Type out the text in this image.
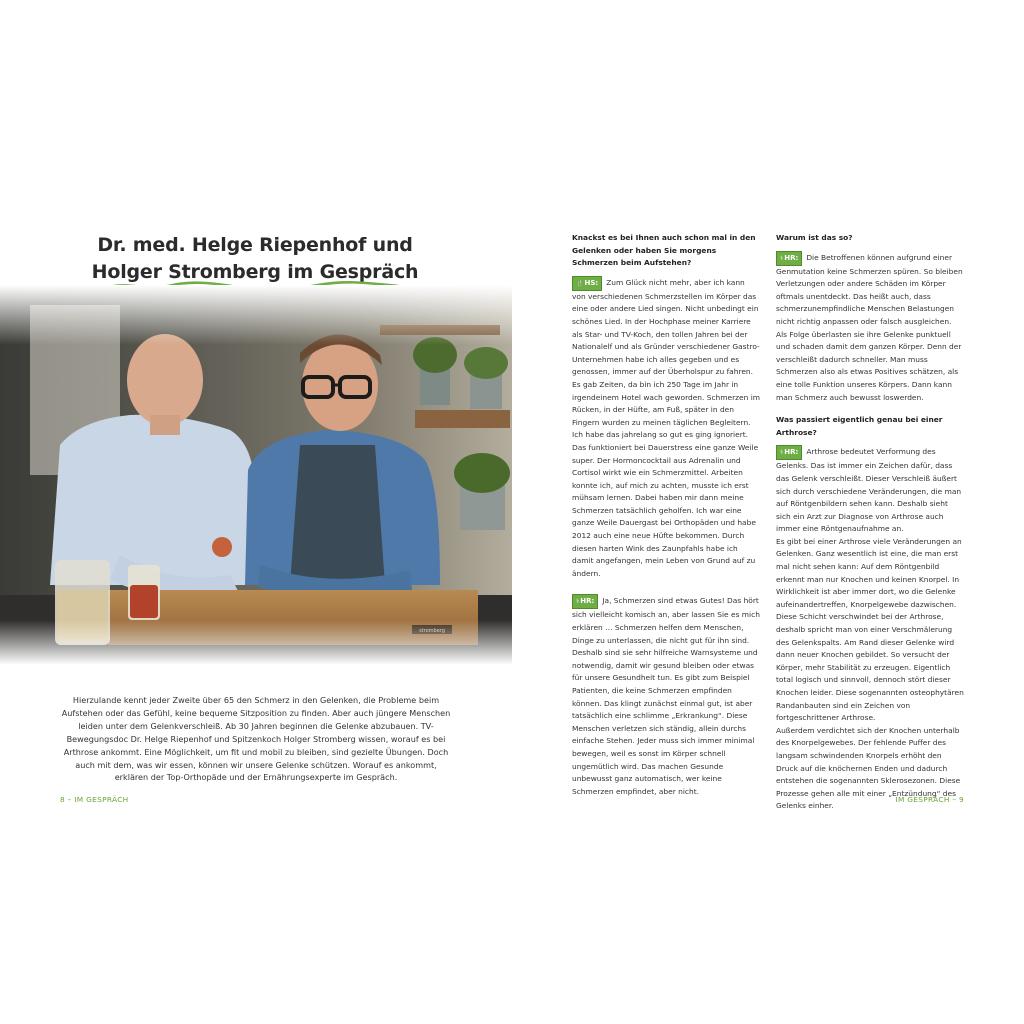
Dr. med. Helge Riepenhof und
Holger Stromberg im Gespräch
Hierzulande kennt jeder Zweite über 65 den Schmerz in den Gelenken, die Probleme beim Aufstehen oder das Gefühl, keine bequeme Sitzposition zu finden. Aber auch jüngere Menschen leiden unter dem Gelenkverschleiß. Ab 30 Jahren beginnen die Gelenke abzubauen. TV-Bewegungsdoc Dr. Helge Riepenhof und Spitzenkoch Holger Stromberg wissen, worauf es bei Arthrose ankommt. Eine Möglichkeit, um fit und mobil zu bleiben, sind gezielte Übungen. Doch auch mit dem, was wir essen, können wir unsere Gelenke schützen. Worauf es ankommt, erklären der Top-Orthopäde und der Ernährungsexperte im Gespräch.
8 – IM GESPRÄCH
Knackst es bei Ihnen auch schon mal in den Gelenken oder haben Sie morgens Schmerzen beim Aufstehen?
🍴HS: Zum Glück nicht mehr, aber ich kann von verschiedenen Schmerzstellen im Körper das eine oder andere Lied singen. Nicht unbedingt ein schönes Lied. In der Hochphase meiner Karriere als Star- und TV-Koch, den tollen Jahren bei der Nationalelf und als Gründer verschiedener Gastro-Unternehmen habe ich alles gegeben und es genossen, immer auf der Überholspur zu fahren. Es gab Zeiten, da bin ich 250 Tage im Jahr in irgendeinem Hotel wach geworden. Schmerzen im Rücken, in der Hüfte, am Fuß, später in den Fingern wurden zu meinen täglichen Begleitern. Ich habe das jahrelang so gut es ging ignoriert.
Das funktioniert bei Dauerstress eine ganze Weile super. Der Hormoncocktail aus Adrenalin und Cortisol wirkt wie ein Schmerzmittel. Arbeiten konnte ich, auf mich zu achten, musste ich erst mühsam lernen. Dabei haben mir dann meine Schmerzen tatsächlich geholfen. Ich war eine ganze Weile Dauergast bei Orthopäden und habe 2012 auch eine neue Hüfte bekommen. Durch diesen harten Wink des Zaunpfahls habe ich damit angefangen, mein Leben von Grund auf zu ändern.
⚕HR: Ja, Schmerzen sind etwas Gutes! Das hört sich vielleicht komisch an, aber lassen Sie es mich erklären … Schmerzen helfen dem Menschen, Dinge zu unterlassen, die nicht gut für ihn sind. Deshalb sind sie sehr hilfreiche Warnsysteme und notwendig, damit wir gesund bleiben oder etwas für unsere Gesundheit tun. Es gibt zum Beispiel Patienten, die keine Schmerzen empfinden können. Das klingt zunächst einmal gut, ist aber tatsächlich eine schlimme „Erkrankung“. Diese Menschen verletzen sich ständig, allein durchs einfache Stehen. Jeder muss sich immer minimal bewegen, weil es sonst im Körper schnell ungemütlich wird. Das machen Gesunde unbewusst ganz automatisch, wer keine Schmerzen empfindet, aber nicht.
Warum ist das so?
⚕HR: Die Betroffenen können aufgrund einer Genmutation keine Schmerzen spüren. So bleiben Verletzungen oder andere Schäden im Körper oftmals unentdeckt. Das heißt auch, dass schmerzunempfindliche Menschen Belastungen nicht richtig anpassen oder falsch ausgleichen. Als Folge überlasten sie ihre Gelenke punktuell und schaden damit dem ganzen Körper. Denn der verschleißt dadurch schneller. Man muss Schmerzen also als etwas Positives schätzen, als eine tolle Funktion unseres Körpers. Dann kann man Schmerz auch bewusst loswerden.
Was passiert eigentlich genau bei einer Arthrose?
⚕HR: Arthrose bedeutet Verformung des Gelenks. Das ist immer ein Zeichen dafür, dass das Gelenk verschleißt. Dieser Verschleiß äußert sich durch verschiedene Veränderungen, die man auf Röntgenbildern sehen kann. Deshalb sieht sich ein Arzt zur Diagnose von Arthrose auch immer eine Röntgenaufnahme an.
Es gibt bei einer Arthrose viele Veränderungen an Gelenken. Ganz wesentlich ist eine, die man erst mal nicht sehen kann: Auf dem Röntgenbild erkennt man nur Knochen und keinen Knorpel. In Wirklichkeit ist aber immer dort, wo die Gelenke aufeinandertreffen, Knorpelgewebe dazwischen. Diese Schicht verschwindet bei der Arthrose, deshalb spricht man von einer Verschmälerung des Gelenkspalts. Am Rand dieser Gelenke wird dann neuer Knochen gebildet. So versucht der Körper, mehr Stabilität zu erzeugen. Eigentlich total logisch und sinnvoll, dennoch stört dieser Knochen leider. Diese sogenannten osteophytären Randanbauten sind ein Zeichen von fortgeschrittener Arthrose.
Außerdem verdichtet sich der Knochen unterhalb des Knorpelgewebes. Der fehlende Puffer des langsam schwindenden Knorpels erhöht den Druck auf die knöchernen Enden und dadurch entstehen die sogenannten Sklerosezonen. Diese Prozesse gehen alle mit einer „Entzündung“ des Gelenks einher.
IM GESPRÄCH – 9
